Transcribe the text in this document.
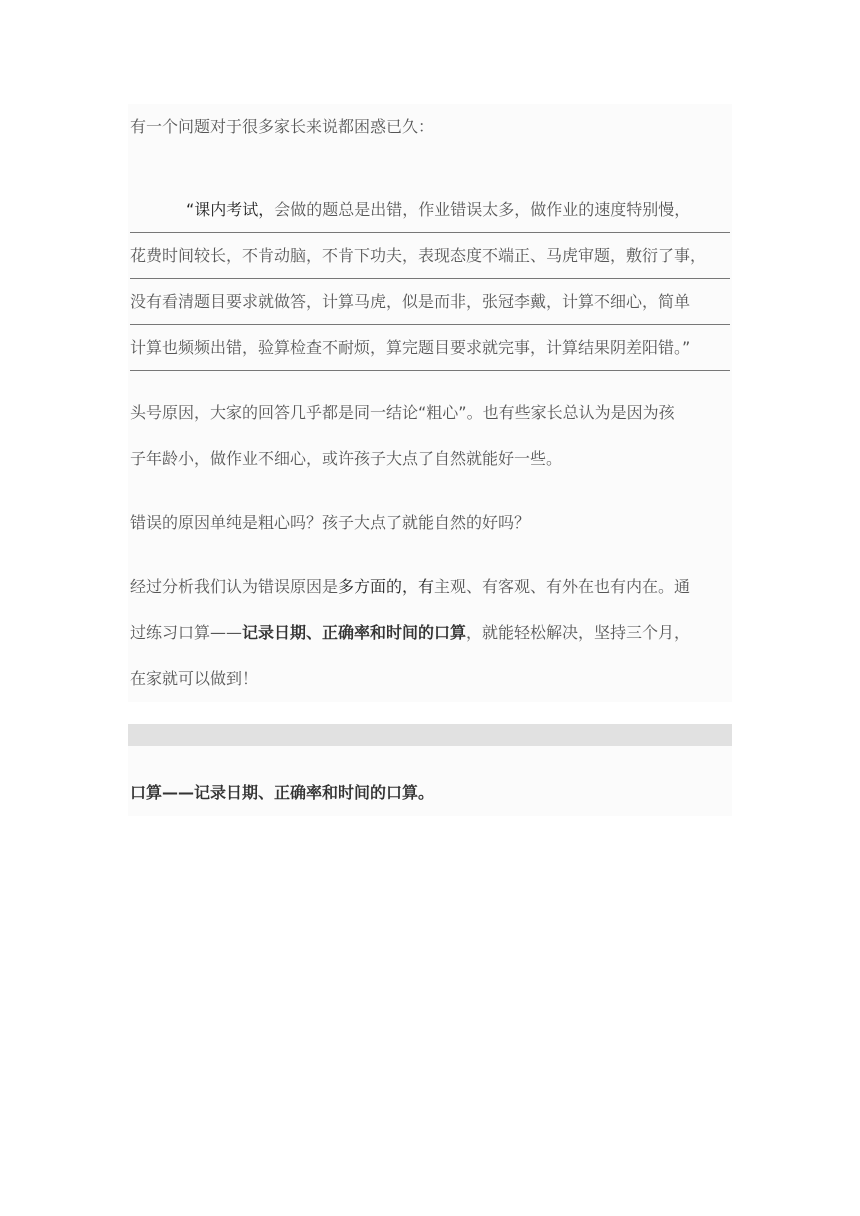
有一个问题对于很多家长来说都困惑已久：
“课内考试，会做的题总是出错，作业错误太多，做作业的速度特别慢，
花费时间较长，不肯动脑，不肯下功夫，表现态度不端正、马虎审题，敷衍了事，
没有看清题目要求就做答，计算马虎，似是而非，张冠李戴，计算不细心，简单
计算也频频出错，验算检查不耐烦，算完题目要求就完事，计算结果阴差阳错。”
头号原因，大家的回答几乎都是同一结论“粗心”。也有些家长总认为是因为孩
子年龄小，做作业不细心，或许孩子大点了自然就能好一些。
错误的原因单纯是粗心吗？孩子大点了就能自然的好吗？
经过分析我们认为错误原因是多方面的，有主观、有客观、有外在也有内在。通
过练习口算——记录日期、正确率和时间的口算，就能轻松解决，坚持三个月，
在家就可以做到！
口算——记录日期、正确率和时间的口算。
